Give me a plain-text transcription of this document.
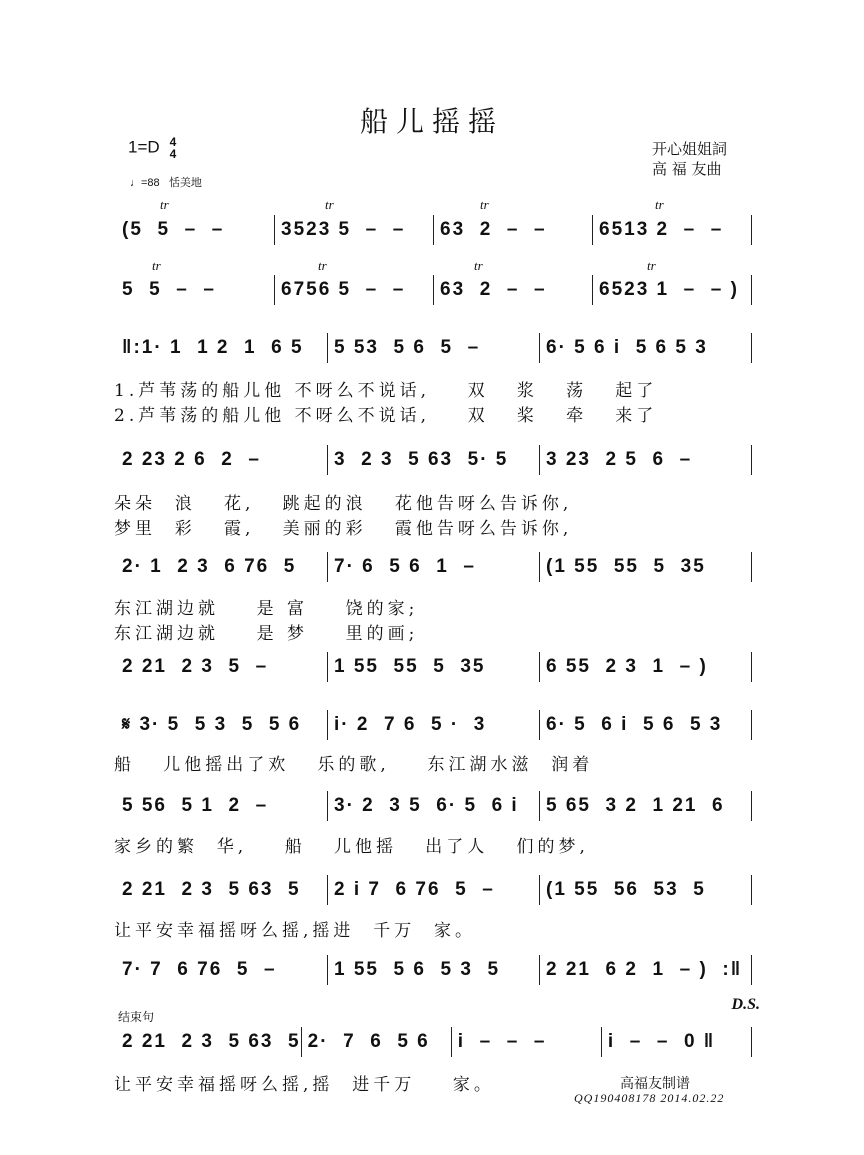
船儿摇摇
1=D 4
4
♩=88 恬美地
开心姐姐詞
高 福 友曲
(5  5  –  –	3523 5  –  –	63  2  –  –	6513 2  –  –
5  5  –  –	6756 5  –  –	63  2  –  –	6523 1  –  – )
‖:1· 1  1 2  1  6 5	5 53  5 6  5  –	6· 5 6 i  5 6 5 3
1.芦苇荡的船儿他 不呀么不说话,    双   浆   荡   起了
2.芦苇荡的船儿他 不呀么不说话,    双   桨   牵   来了
2 23 2 6  2  –	3  2 3  5 63  5· 5	3 23  2 5  6  –
朵朵  浪   花,   跳起的浪   花他告呀么告诉你,
梦里  彩   霞,   美丽的彩   霞他告呀么告诉你,
2· 1  2 3  6 76  5	7· 6  5 6  1  –	(1 55  55  5  35
东江湖边就    是 富    饶的家;
东江湖边就    是 梦    里的画;
2 21  2 3  5  –	1 55  55  5  35	6 55  2 3  1  – )
𝄋 3· 5  5 3  5  5 6	i· 2  7 6  5 ·  3	6· 5  6 i  5 6  5 3
船   儿他摇出了欢   乐的歌,    东江湖水滋  润着
5 56  5 1  2  –	3· 2  3 5  6· 5  6 i	5 65  3 2  1 21  6
家乡的繁  华,    船   儿他摇   出了人   们的梦,
2 21  2 3  5 63  5	2 i 7  6 76  5  –	(1 55  56  53  5
让平安幸福摇呀么摇,摇进  千万  家。
7· 7  6 76  5  –	1 55  5 6  5 3  5	2 21  6 2  1  – )  :‖
tr	tr	tr	tr
tr	tr	tr	tr
结束句
2 21  2 3  5 63  5 2·  7  6  5 6	i  –  –  –	i  –  –  0 ‖
让平安幸福摇呀么摇,摇  进千万    家。
D.S.
高福友制谱
QQ190408178 2014.02.22
